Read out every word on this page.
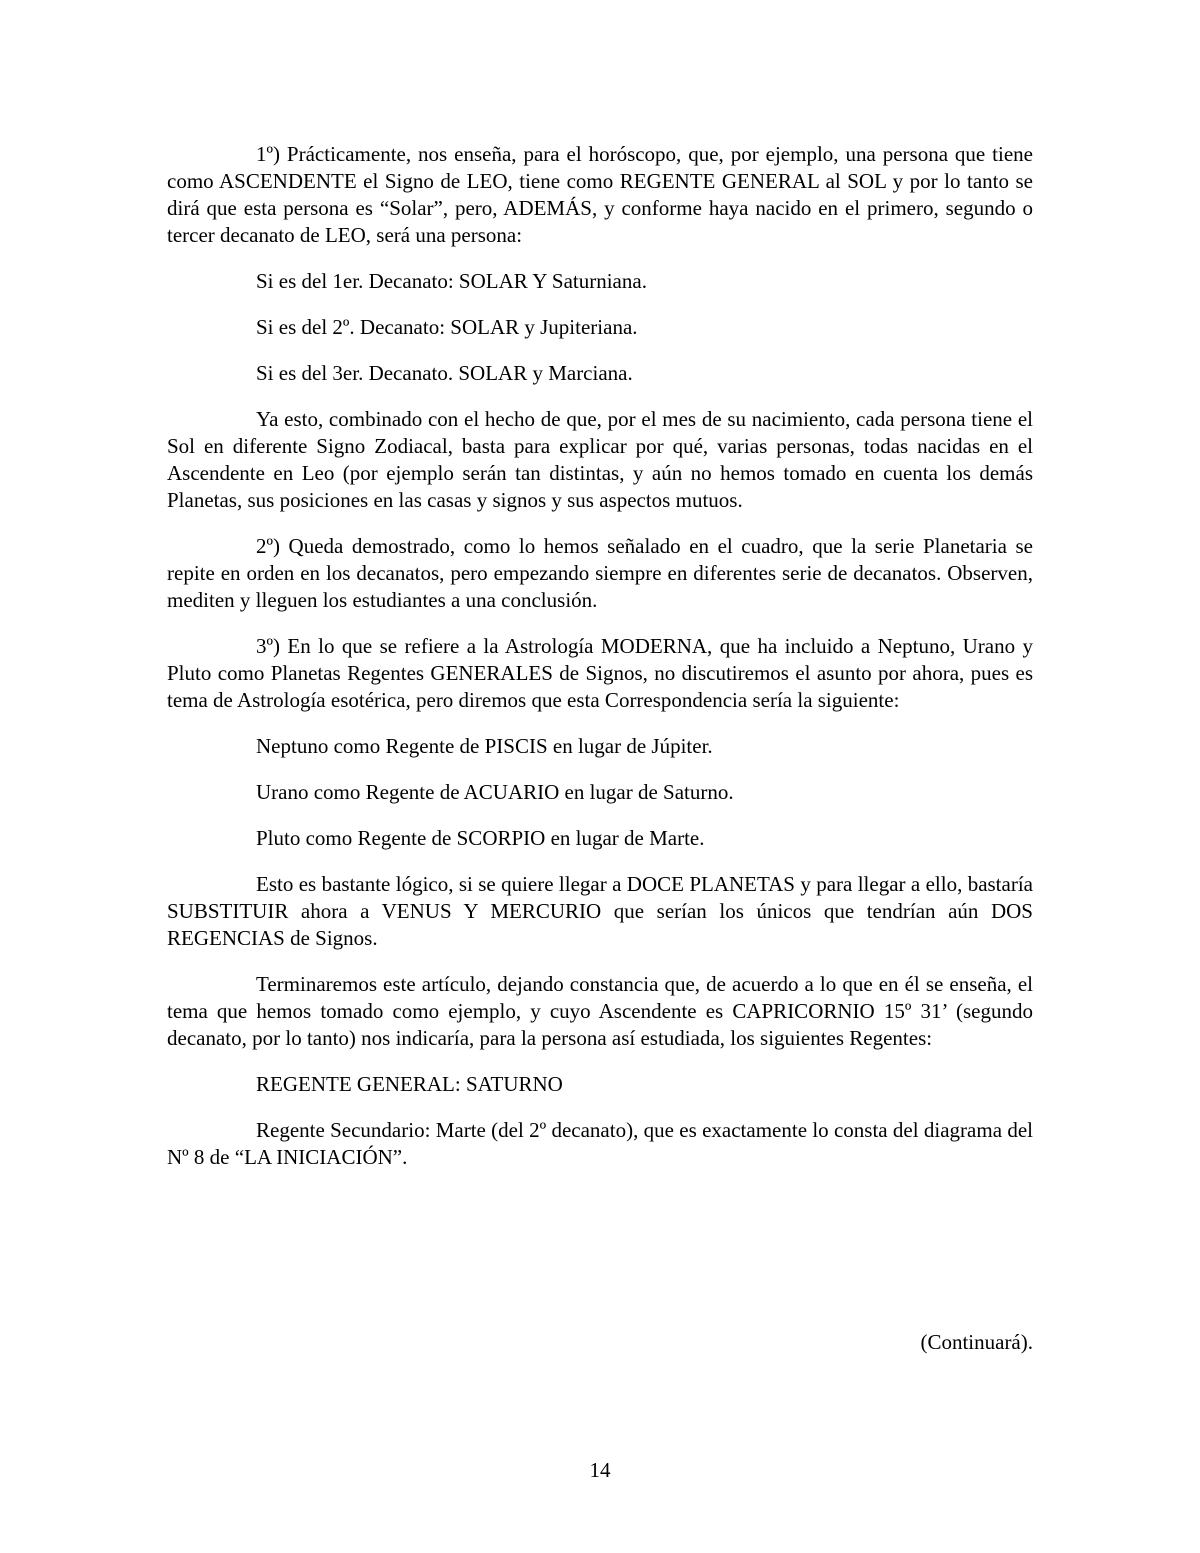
1º) Prácticamente, nos enseña, para el horóscopo, que, por ejemplo, una persona que tiene como ASCENDENTE el Signo de LEO, tiene como REGENTE GENERAL al SOL y por lo tanto se dirá que esta persona es “Solar”, pero, ADEMÁS, y conforme haya nacido en el primero, segundo o tercer decanato de LEO, será una persona:

Si es del 1er. Decanato: SOLAR Y Saturniana.

Si es del 2º. Decanato: SOLAR y Jupiteriana.

Si es del 3er. Decanato. SOLAR y Marciana.

Ya esto, combinado con el hecho de que, por el mes de su nacimiento, cada persona tiene el Sol en diferente Signo Zodiacal, basta para explicar por qué, varias personas, todas nacidas en el Ascendente en Leo (por ejemplo serán tan distintas, y aún no hemos tomado en cuenta los demás Planetas, sus posiciones en las casas y signos y sus aspectos mutuos.

2º) Queda demostrado, como lo hemos señalado en el cuadro, que la serie Planetaria se repite en orden en los decanatos, pero empezando siempre en diferentes serie de decanatos. Observen, mediten y lleguen los estudiantes a una conclusión.

3º) En lo que se refiere a la Astrología MODERNA, que ha incluido a Neptuno, Urano y Pluto como Planetas Regentes GENERALES de Signos, no discutiremos el asunto por ahora, pues es tema de Astrología esotérica, pero diremos que esta Correspondencia sería la siguiente:

Neptuno como Regente de PISCIS en lugar de Júpiter.

Urano como Regente de ACUARIO en lugar de Saturno.

Pluto como Regente de SCORPIO en lugar de Marte.

Esto es bastante lógico, si se quiere llegar a DOCE PLANETAS y para llegar a ello, bastaría SUBSTITUIR ahora a VENUS Y MERCURIO que serían los únicos que tendrían aún DOS REGENCIAS de Signos.

Terminaremos este artículo, dejando constancia que, de acuerdo a lo que en él se enseña, el tema que hemos tomado como ejemplo, y cuyo Ascendente es CAPRICORNIO 15º 31’ (segundo decanato, por lo tanto) nos indicaría, para la persona así estudiada, los siguientes Regentes:

REGENTE GENERAL: SATURNO

Regente Secundario: Marte (del 2º decanato), que es exactamente lo consta del diagrama del Nº 8 de “LA INICIACIÓN”.

(Continuará).
14
